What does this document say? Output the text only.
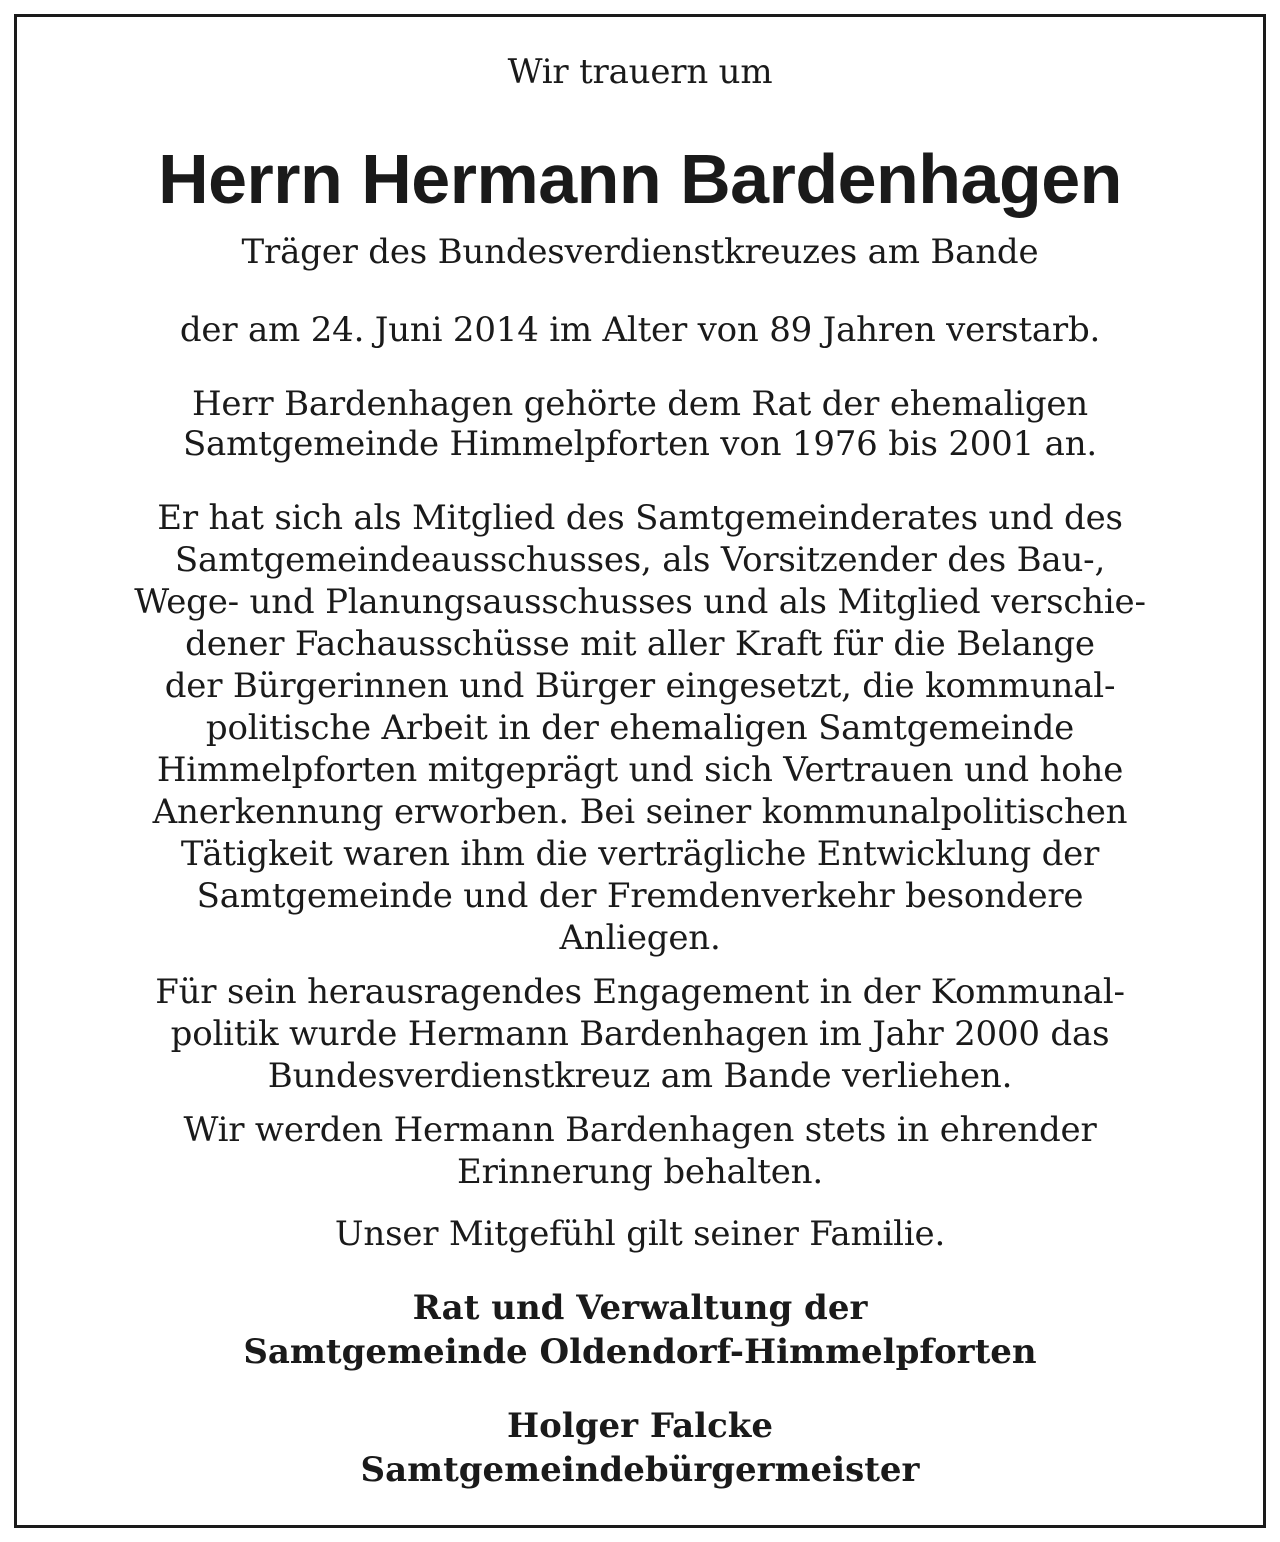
Wir trauern um
Herrn Hermann Bardenhagen
Träger des Bundesverdienstkreuzes am Bande
der am 24. Juni 2014 im Alter von 89 Jahren verstarb.
Herr Bardenhagen gehörte dem Rat der ehemaligen
Samtgemeinde Himmelpforten von 1976 bis 2001 an.
Er hat sich als Mitglied des Samtgemeinderates und des
Samtgemeindeausschusses, als Vorsitzender des Bau-,
Wege- und Planungsausschusses und als Mitglied verschie-
dener Fachausschüsse mit aller Kraft für die Belange
der Bürgerinnen und Bürger eingesetzt, die kommunal-
politische Arbeit in der ehemaligen Samtgemeinde
Himmelpforten mitgeprägt und sich Vertrauen und hohe
Anerkennung erworben. Bei seiner kommunalpolitischen
Tätigkeit waren ihm die verträgliche Entwicklung der
Samtgemeinde und der Fremdenverkehr besondere
Anliegen.
Für sein herausragendes Engagement in der Kommunal-
politik wurde Hermann Bardenhagen im Jahr 2000 das
Bundesverdienstkreuz am Bande verliehen.
Wir werden Hermann Bardenhagen stets in ehrender
Erinnerung behalten.
Unser Mitgefühl gilt seiner Familie.
Rat und Verwaltung der
Samtgemeinde Oldendorf-Himmelpforten
Holger Falcke
Samtgemeindebürgermeister
